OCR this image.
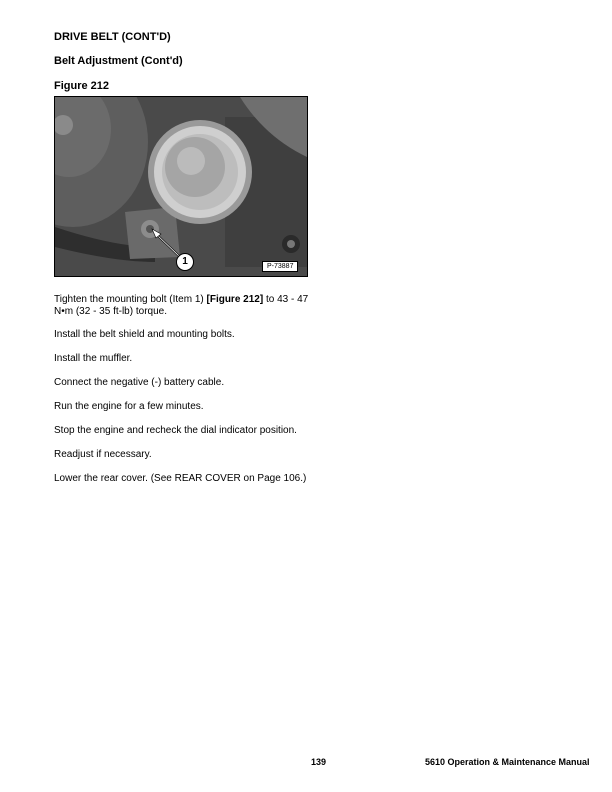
DRIVE BELT (CONT'D)
Belt Adjustment (Cont'd)
Figure 212
1	P-73887
Tighten the mounting bolt (Item 1) [Figure 212] to 43 - 47 N•m (32 - 35 ft-lb) torque.
Install the belt shield and mounting bolts.
Install the muffler.
Connect the negative (-) battery cable.
Run the engine for a few minutes.
Stop the engine and recheck the dial indicator position.
Readjust if necessary.
Lower the rear cover. (See REAR COVER on Page 106.)
139	5610 Operation & Maintenance Manual
